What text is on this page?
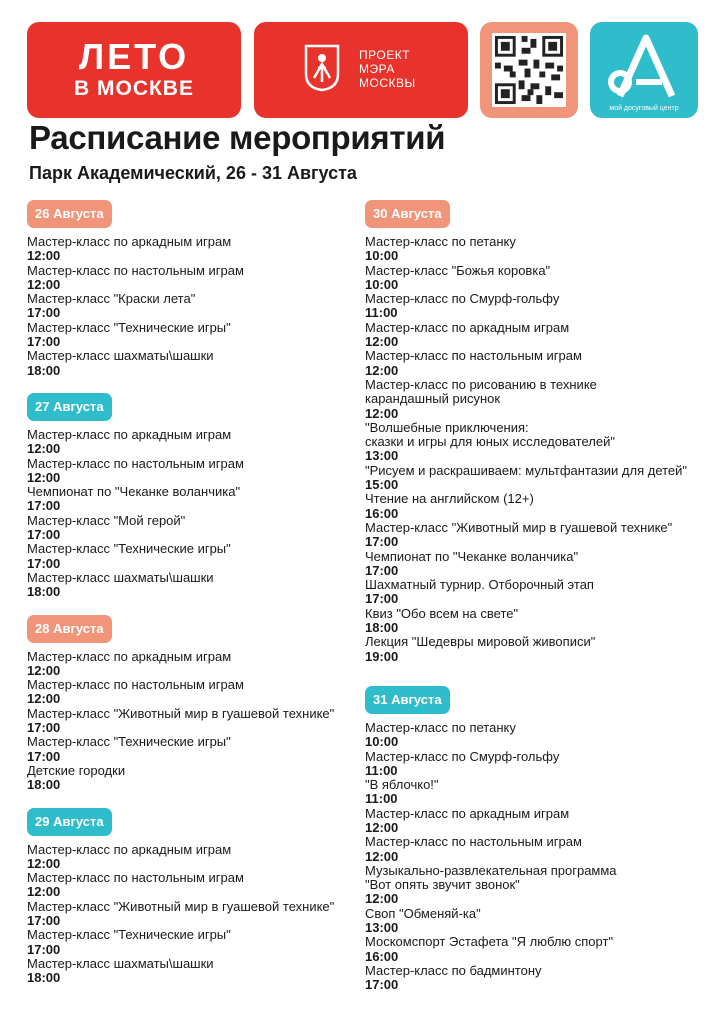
ЛЕТО
В МОСКВЕ
ПРОЕКТ
МЭРА
МОСКВЫ
мой досуговый центр
Расписание мероприятий
Парк Академический, 26 - 31 Августа
26 Августа
Мастер-класс по аркадным играм
12:00
Мастер-класс по настольным играм
12:00
Мастер-класс "Краски лета"
17:00
Мастер-класс "Технические игры"
17:00
Мастер-класс шахматы\шашки
18:00
27 Августа
Мастер-класс по аркадным играм
12:00
Мастер-класс по настольным играм
12:00
Чемпионат по "Чеканке воланчика"
17:00
Мастер-класс "Мой герой"
17:00
Мастер-класс "Технические игры"
17:00
Мастер-класс шахматы\шашки
18:00
28 Августа
Мастер-класс по аркадным играм
12:00
Мастер-класс по настольным играм
12:00
Мастер-класс "Животный мир в гуашевой технике"
17:00
Мастер-класс "Технические игры"
17:00
Детские городки
18:00
29 Августа
Мастер-класс по аркадным играм
12:00
Мастер-класс по настольным играм
12:00
Мастер-класс "Животный мир в гуашевой технике"
17:00
Мастер-класс "Технические игры"
17:00
Мастер-класс шахматы\шашки
18:00
30 Августа
Мастер-класс по петанку
10:00
Мастер-класс "Божья коровка"
10:00
Мастер-класс по Смурф-гольфу
11:00
Мастер-класс по аркадным играм
12:00
Мастер-класс по настольным играм
12:00
Мастер-класс по рисованию в технике
карандашный рисунок
12:00
"Волшебные приключения:
сказки и игры для юных исследователей"
13:00
"Рисуем и раскрашиваем: мультфантазии для детей"
15:00
Чтение на английском (12+)
16:00
Мастер-класс "Животный мир в гуашевой технике"
17:00
Чемпионат по "Чеканке воланчика"
17:00
Шахматный турнир. Отборочный этап
17:00
Квиз "Обо всем на свете"
18:00
Лекция "Шедевры мировой живописи"
19:00
31 Августа
Мастер-класс по петанку
10:00
Мастер-класс по Смурф-гольфу
11:00
"В яблочко!"
11:00
Мастер-класс по аркадным играм
12:00
Мастер-класс по настольным играм
12:00
Музыкально-развлекательная программа
"Вот опять звучит звонок"
12:00
Своп "Обменяй-ка"
13:00
Москомспорт Эстафета "Я люблю спорт"
16:00
Мастер-класс по бадминтону
17:00
